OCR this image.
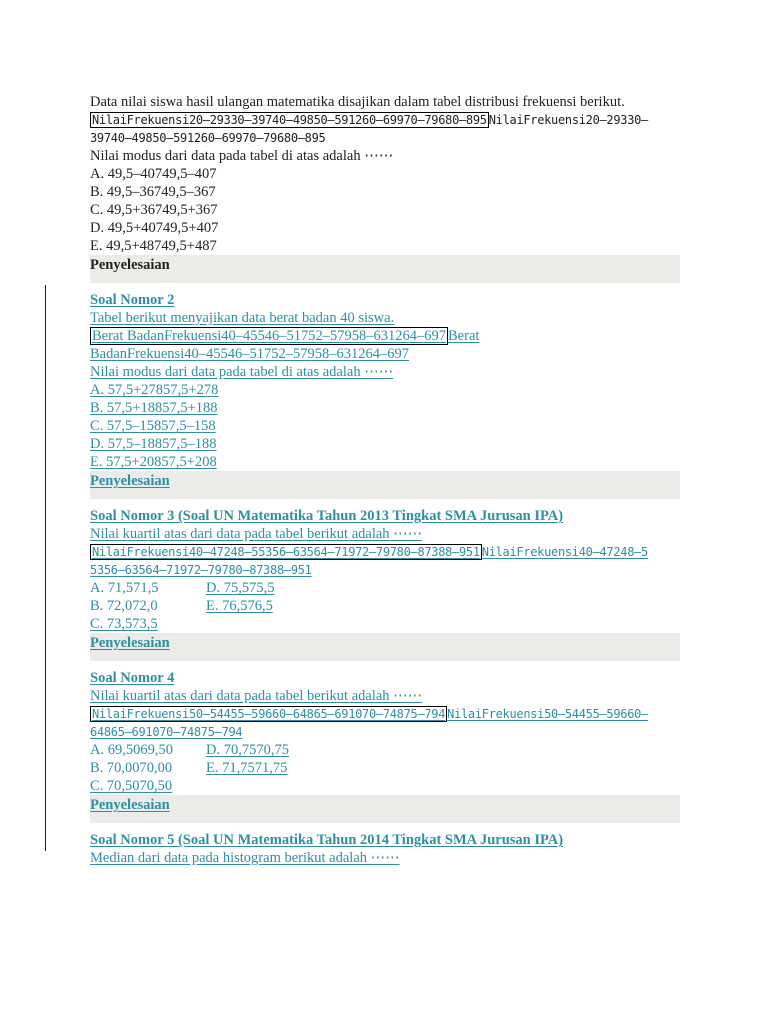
Data nilai siswa hasil ulangan matematika disajikan dalam tabel distribusi frekuensi berikut.
NilaiFrekuensi20–29330–39740–49850–591260–69970–79680–895 NilaiFrekuensi20–29330–
39740–49850–591260–69970–79680–895
Nilai modus dari data pada tabel di atas adalah ⋯⋯
A. 49,5–40749,5–407
B. 49,5–36749,5–367
C. 49,5+36749,5+367
D. 49,5+40749,5+407
E. 49,5+48749,5+487
Penyelesaian
Soal Nomor 2
Tabel berikut menyajikan data berat badan 40 siswa.
Berat BadanFrekuensi40–45546–51752–57958–631264–697 Berat
BadanFrekuensi40–45546–51752–57958–631264–697
Nilai modus dari data pada tabel di atas adalah ⋯⋯
A. 57,5+27857,5+278
B. 57,5+18857,5+188
C. 57,5–15857,5–158
D. 57,5–18857,5–188
E. 57,5+20857,5+208
Penyelesaian
Soal Nomor 3 (Soal UN Matematika Tahun 2013 Tingkat SMA Jurusan IPA)
Nilai kuartil atas dari data pada tabel berikut adalah ⋯⋯
NilaiFrekuensi40–47248–55356–63564–71972–79780–87388–951 NilaiFrekuensi40–47248–5
5356–63564–71972–79780–87388–951
A. 71,571,5	D. 75,575,5
B. 72,072,0	E. 76,576,5
C. 73,573,5
Penyelesaian
Soal Nomor 4
Nilai kuartil atas dari data pada tabel berikut adalah ⋯⋯
NilaiFrekuensi50–54455–59660–64865–691070–74875–794 NilaiFrekuensi50–54455–59660–
64865–691070–74875–794
A. 69,5069,50 D. 70,7570,75
B. 70,0070,00 E. 71,7571,75
C. 70,5070,50
Penyelesaian
Soal Nomor 5 (Soal UN Matematika Tahun 2014 Tingkat SMA Jurusan IPA)
Median dari data pada histogram berikut adalah ⋯⋯
